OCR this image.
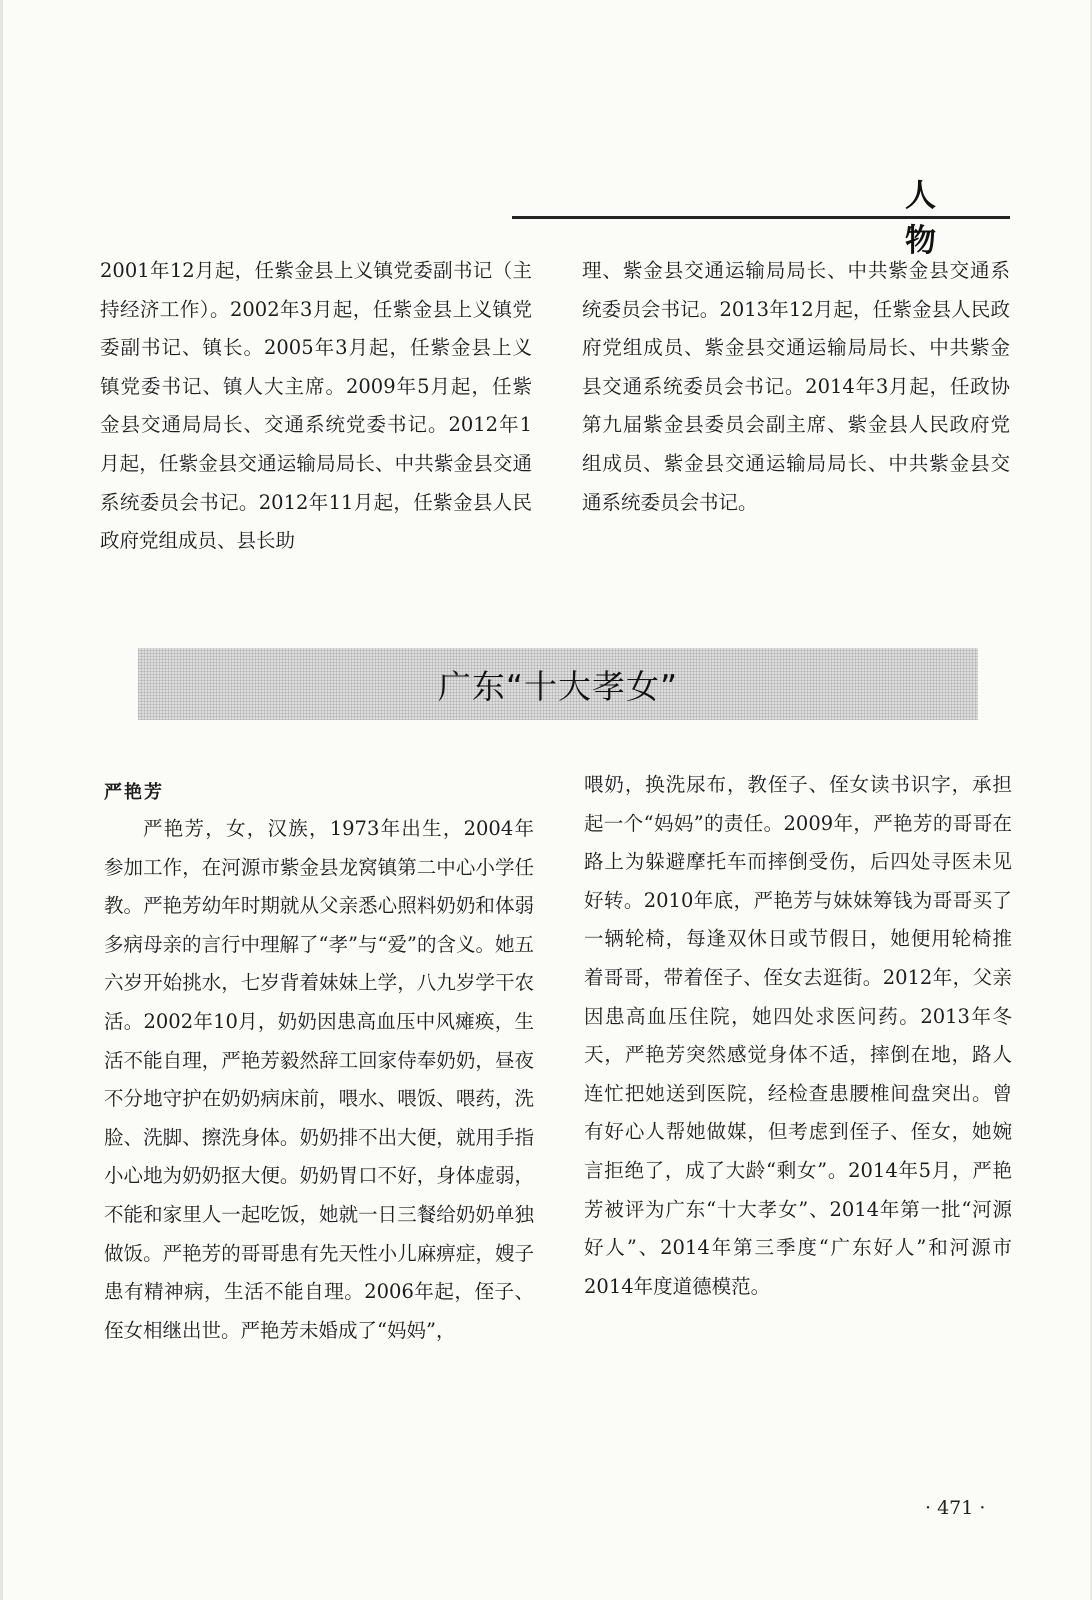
人　物

2001年12月起，任紫金县上义镇党委副书记（主持经济工作）。2002年3月起，任紫金县上义镇党委副书记、镇长。2005年3月起，任紫金县上义镇党委书记、镇人大主席。2009年5月起，任紫金县交通局局长、交通系统党委书记。2012年1月起，任紫金县交通运输局局长、中共紫金县交通系统委员会书记。2012年11月起，任紫金县人民政府党组成员、县长助

理、紫金县交通运输局局长、中共紫金县交通系统委员会书记。2013年12月起，任紫金县人民政府党组成员、紫金县交通运输局局长、中共紫金县交通系统委员会书记。2014年3月起，任政协第九届紫金县委员会副主席、紫金县人民政府党组成员、紫金县交通运输局局长、中共紫金县交通系统委员会书记。

广东“十大孝女”
严艳芳

严艳芳，女，汉族，1973年出生，2004年参加工作，在河源市紫金县龙窝镇第二中心小学任教。严艳芳幼年时期就从父亲悉心照料奶奶和体弱多病母亲的言行中理解了“孝”与“爱”的含义。她五六岁开始挑水，七岁背着妹妹上学，八九岁学干农活。2002年10月，奶奶因患高血压中风瘫痪，生活不能自理，严艳芳毅然辞工回家侍奉奶奶，昼夜不分地守护在奶奶病床前，喂水、喂饭、喂药，洗脸、洗脚、擦洗身体。奶奶排不出大便，就用手指小心地为奶奶抠大便。奶奶胃口不好，身体虚弱，不能和家里人一起吃饭，她就一日三餐给奶奶单独做饭。严艳芳的哥哥患有先天性小儿麻痹症，嫂子患有精神病，生活不能自理。2006年起，侄子、侄女相继出世。严艳芳未婚成了“妈妈”，

喂奶，换洗尿布，教侄子、侄女读书识字，承担起一个“妈妈”的责任。2009年，严艳芳的哥哥在路上为躲避摩托车而摔倒受伤，后四处寻医未见好转。2010年底，严艳芳与妹妹筹钱为哥哥买了一辆轮椅，每逢双休日或节假日，她便用轮椅推着哥哥，带着侄子、侄女去逛街。2012年，父亲因患高血压住院，她四处求医问药。2013年冬天，严艳芳突然感觉身体不适，摔倒在地，路人连忙把她送到医院，经检查患腰椎间盘突出。曾有好心人帮她做媒，但考虑到侄子、侄女，她婉言拒绝了，成了大龄“剩女”。2014年5月，严艳芳被评为广东“十大孝女”、2014年第一批“河源好人”、2014年第三季度“广东好人”和河源市2014年度道德模范。

· 471 ·
